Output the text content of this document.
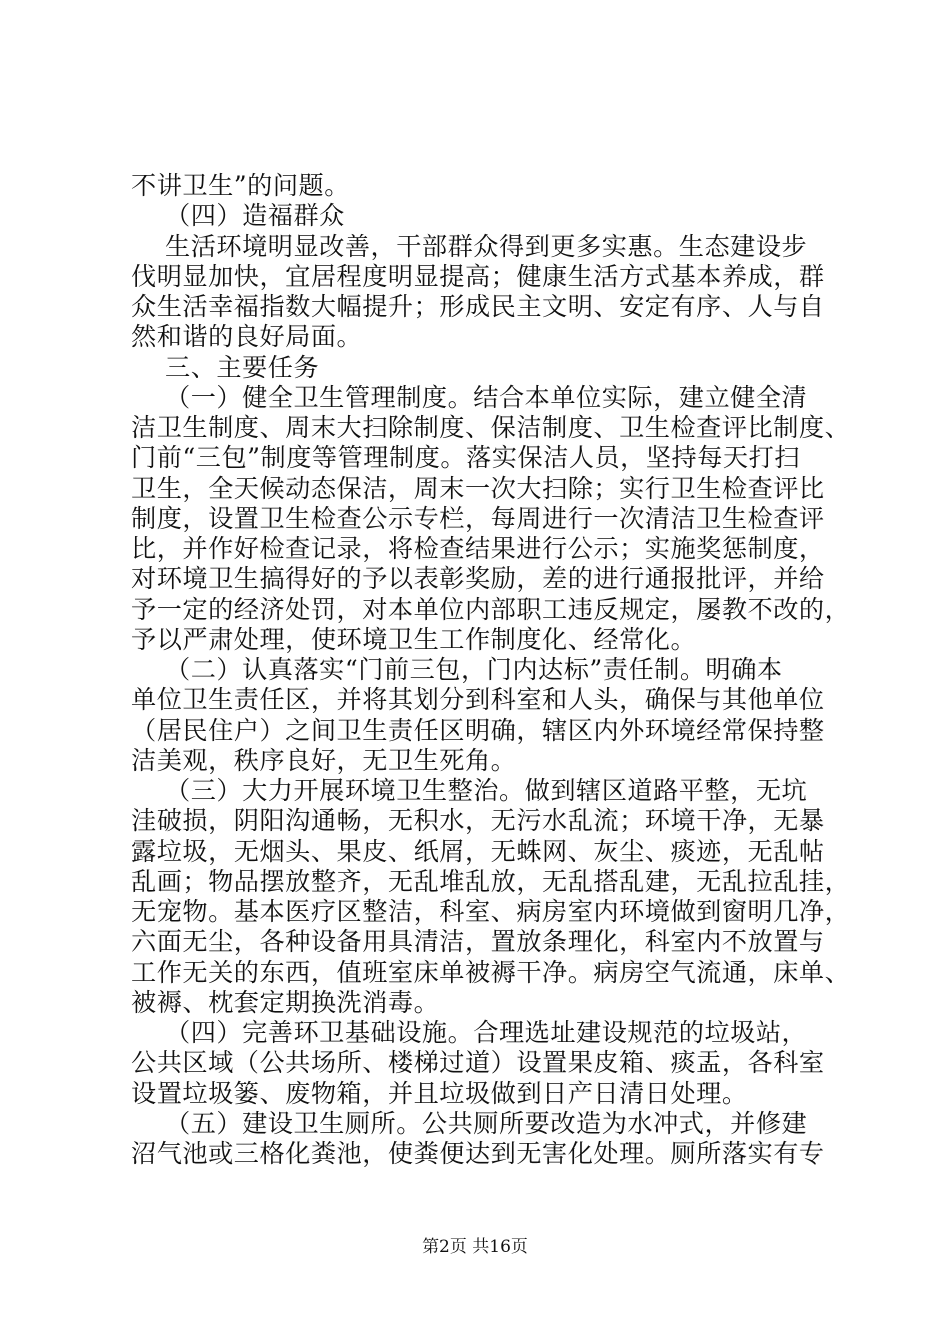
不讲卫生”的问题。
（四）造福群众
生活环境明显改善，干部群众得到更多实惠。生态建设步
伐明显加快，宜居程度明显提高；健康生活方式基本养成，群
众生活幸福指数大幅提升；形成民主文明、安定有序、人与自
然和谐的良好局面。
三、主要任务
（一）健全卫生管理制度。结合本单位实际，建立健全清
洁卫生制度、周末大扫除制度、保洁制度、卫生检查评比制度、
门前“三包”制度等管理制度。落实保洁人员，坚持每天打扫
卫生，全天候动态保洁，周末一次大扫除；实行卫生检查评比
制度，设置卫生检查公示专栏，每周进行一次清洁卫生检查评
比，并作好检查记录，将检查结果进行公示；实施奖惩制度，
对环境卫生搞得好的予以表彰奖励，差的进行通报批评，并给
予一定的经济处罚，对本单位内部职工违反规定，屡教不改的，
予以严肃处理，使环境卫生工作制度化、经常化。
（二）认真落实“门前三包，门内达标”责任制。明确本
单位卫生责任区，并将其划分到科室和人头，确保与其他单位
（居民住户）之间卫生责任区明确，辖区内外环境经常保持整
洁美观，秩序良好，无卫生死角。
（三）大力开展环境卫生整治。做到辖区道路平整，无坑
洼破损，阴阳沟通畅，无积水，无污水乱流；环境干净，无暴
露垃圾，无烟头、果皮、纸屑，无蛛网、灰尘、痰迹，无乱帖
乱画；物品摆放整齐，无乱堆乱放，无乱搭乱建，无乱拉乱挂，
无宠物。基本医疗区整洁，科室、病房室内环境做到窗明几净，
六面无尘，各种设备用具清洁，置放条理化，科室内不放置与
工作无关的东西，值班室床单被褥干净。病房空气流通，床单、
被褥、枕套定期换洗消毒。
（四）完善环卫基础设施。合理选址建设规范的垃圾站，
公共区域（公共场所、楼梯过道）设置果皮箱、痰盂，各科室
设置垃圾篓、废物箱，并且垃圾做到日产日清日处理。
（五）建设卫生厕所。公共厕所要改造为水冲式，并修建
沼气池或三格化粪池，使粪便达到无害化处理。厕所落实有专
第2页 共16页
